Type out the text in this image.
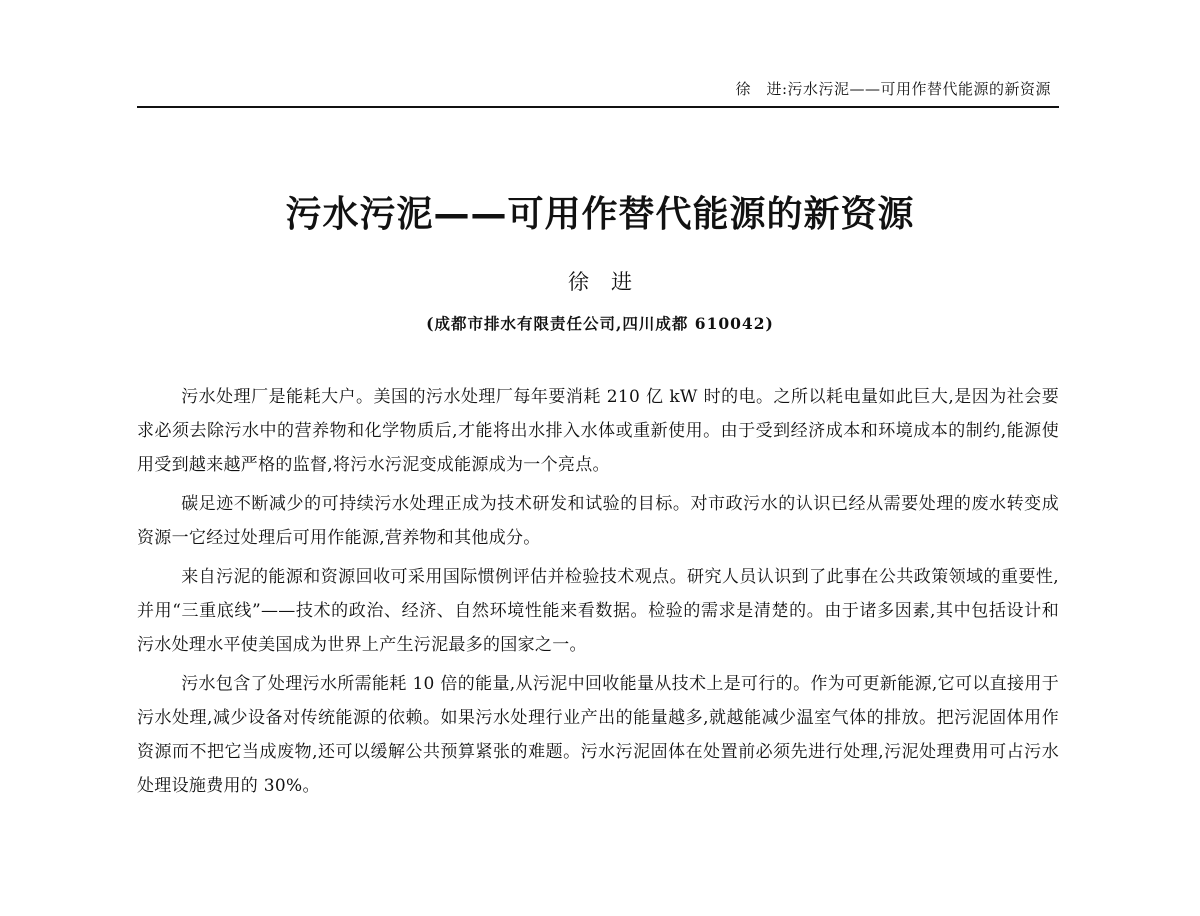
徐　进:污水污泥——可用作替代能源的新资源
污水污泥——可用作替代能源的新资源
徐进
(成都市排水有限责任公司,四川成都 610042)

污水处理厂是能耗大户。美国的污水处理厂每年要消耗 210 亿 kW 时的电。之所以耗电量如此巨大,是因为社会要求必须去除污水中的营养物和化学物质后,才能将出水排入水体或重新使用。由于受到经济成本和环境成本的制约,能源使用受到越来越严格的监督,将污水污泥变成能源成为一个亮点。

碳足迹不断减少的可持续污水处理正成为技术研发和试验的目标。对市政污水的认识已经从需要处理的废水转变成资源一它经过处理后可用作能源,营养物和其他成分。

来自污泥的能源和资源回收可采用国际惯例评估并检验技术观点。研究人员认识到了此事在公共政策领域的重要性,并用“三重底线”——技术的政治、经济、自然环境性能来看数据。检验的需求是清楚的。由于诸多因素,其中包括设计和污水处理水平使美国成为世界上产生污泥最多的国家之一。

污水包含了处理污水所需能耗 10 倍的能量,从污泥中回收能量从技术上是可行的。作为可更新能源,它可以直接用于污水处理,减少设备对传统能源的依赖。如果污水处理行业产出的能量越多,就越能减少温室气体的排放。把污泥固体用作资源而不把它当成废物,还可以缓解公共预算紧张的难题。污水污泥固体在处置前必须先进行处理,污泥处理费用可占污水处理设施费用的 30%。
